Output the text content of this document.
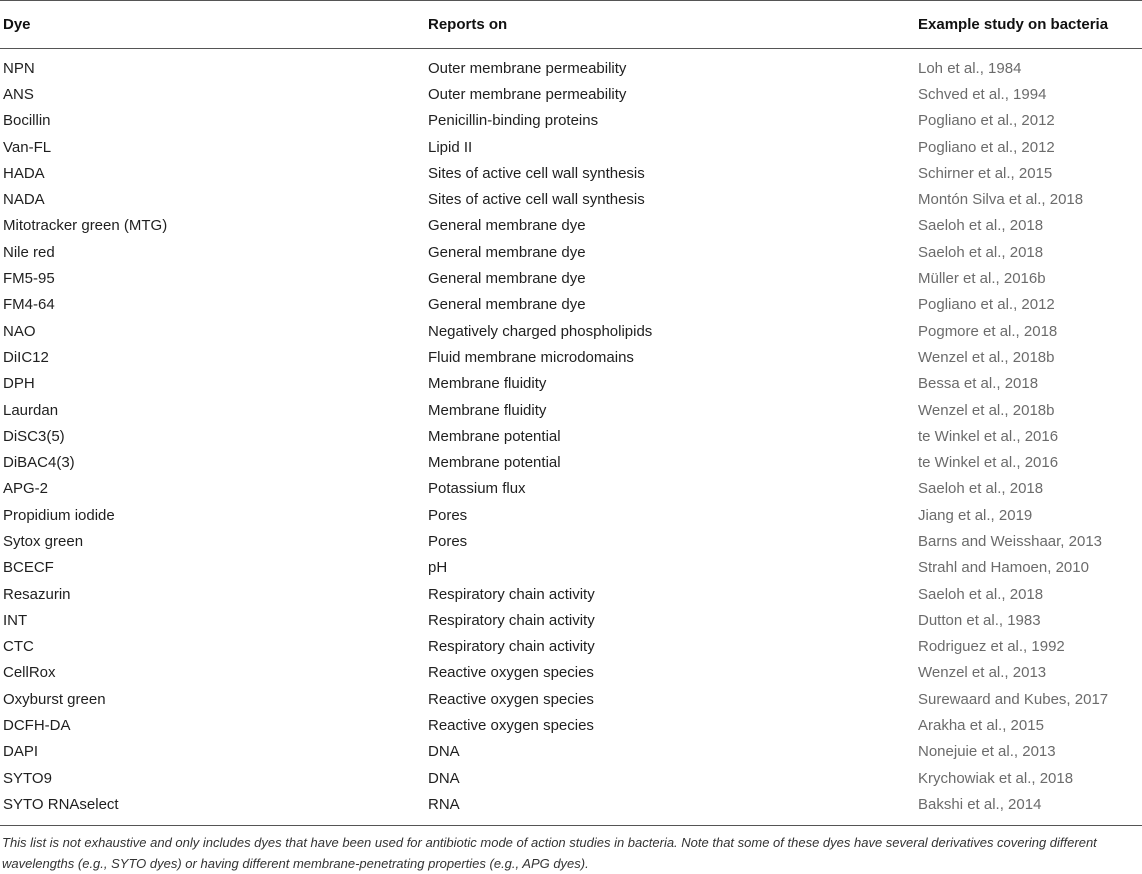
Dye	Reports on	Example study on bacteria
NPN	Outer membrane permeability	Loh et al., 1984
ANS	Outer membrane permeability	Schved et al., 1994
Bocillin	Penicillin-binding proteins	Pogliano et al., 2012
Van-FL	Lipid II	Pogliano et al., 2012
HADA	Sites of active cell wall synthesis	Schirner et al., 2015
NADA	Sites of active cell wall synthesis	Montón Silva et al., 2018
Mitotracker green (MTG)	General membrane dye	Saeloh et al., 2018
Nile red	General membrane dye	Saeloh et al., 2018
FM5-95	General membrane dye	Müller et al., 2016b
FM4-64	General membrane dye	Pogliano et al., 2012
NAO	Negatively charged phospholipids	Pogmore et al., 2018
DiIC12	Fluid membrane microdomains	Wenzel et al., 2018b
DPH	Membrane fluidity	Bessa et al., 2018
Laurdan	Membrane fluidity	Wenzel et al., 2018b
DiSC3(5)	Membrane potential	te Winkel et al., 2016
DiBAC4(3)	Membrane potential	te Winkel et al., 2016
APG-2	Potassium flux	Saeloh et al., 2018
Propidium iodide	Pores	Jiang et al., 2019
Sytox green	Pores	Barns and Weisshaar, 2013
BCECF	pH	Strahl and Hamoen, 2010
Resazurin	Respiratory chain activity	Saeloh et al., 2018
INT	Respiratory chain activity	Dutton et al., 1983
CTC	Respiratory chain activity	Rodriguez et al., 1992
CellRox	Reactive oxygen species	Wenzel et al., 2013
Oxyburst green	Reactive oxygen species	Surewaard and Kubes, 2017
DCFH-DA	Reactive oxygen species	Arakha et al., 2015
DAPI	DNA	Nonejuie et al., 2013
SYTO9	DNA	Krychowiak et al., 2018
SYTO RNAselect	RNA	Bakshi et al., 2014
This list is not exhaustive and only includes dyes that have been used for antibiotic mode of action studies in bacteria. Note that some of these dyes have several derivatives covering different wavelengths (e.g., SYTO dyes) or having different membrane-penetrating properties (e.g., APG dyes).
